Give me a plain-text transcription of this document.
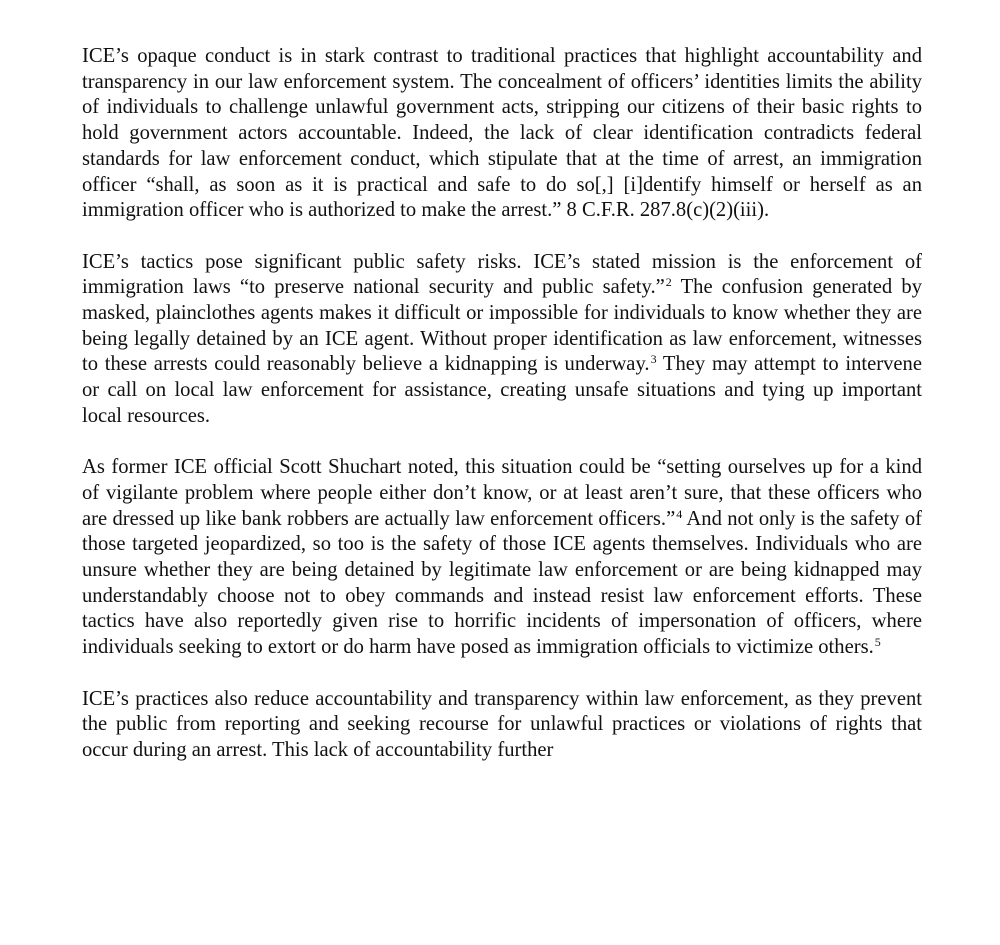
ICE’s opaque conduct is in stark contrast to traditional practices that highlight accountability and transparency in our law enforcement system. The concealment of officers’ identities limits the ability of individuals to challenge unlawful government acts, stripping our citizens of their basic rights to hold government actors accountable. Indeed, the lack of clear identification contradicts federal standards for law enforcement conduct, which stipulate that at the time of arrest, an immigration officer “shall, as soon as it is practical and safe to do so[,] [i]dentify himself or herself as an immigration officer who is authorized to make the arrest.” 8 C.F.R. 287.8(c)(2)(iii).

ICE’s tactics pose significant public safety risks. ICE’s stated mission is the enforcement of immigration laws “to preserve national security and public safety.”$^2$ The confusion generated by masked, plainclothes agents makes it difficult or impossible for individuals to know whether they are being legally detained by an ICE agent. Without proper identification as law enforcement, witnesses to these arrests could reasonably believe a kidnapping is underway.$^3$ They may attempt to intervene or call on local law enforcement for assistance, creating unsafe situations and tying up important local resources.

As former ICE official Scott Shuchart noted, this situation could be “setting ourselves up for a kind of vigilante problem where people either don’t know, or at least aren’t sure, that these officers who are dressed up like bank robbers are actually law enforcement officers.”$^4$ And not only is the safety of those targeted jeopardized, so too is the safety of those ICE agents themselves. Individuals who are unsure whether they are being detained by legitimate law enforcement or are being kidnapped may understandably choose not to obey commands and instead resist law enforcement efforts. These tactics have also reportedly given rise to horrific incidents of impersonation of officers, where individuals seeking to extort or do harm have posed as immigration officials to victimize others.$^5$

ICE’s practices also reduce accountability and transparency within law enforcement, as they prevent the public from reporting and seeking recourse for unlawful practices or violations of rights that occur during an arrest. This lack of accountability further
